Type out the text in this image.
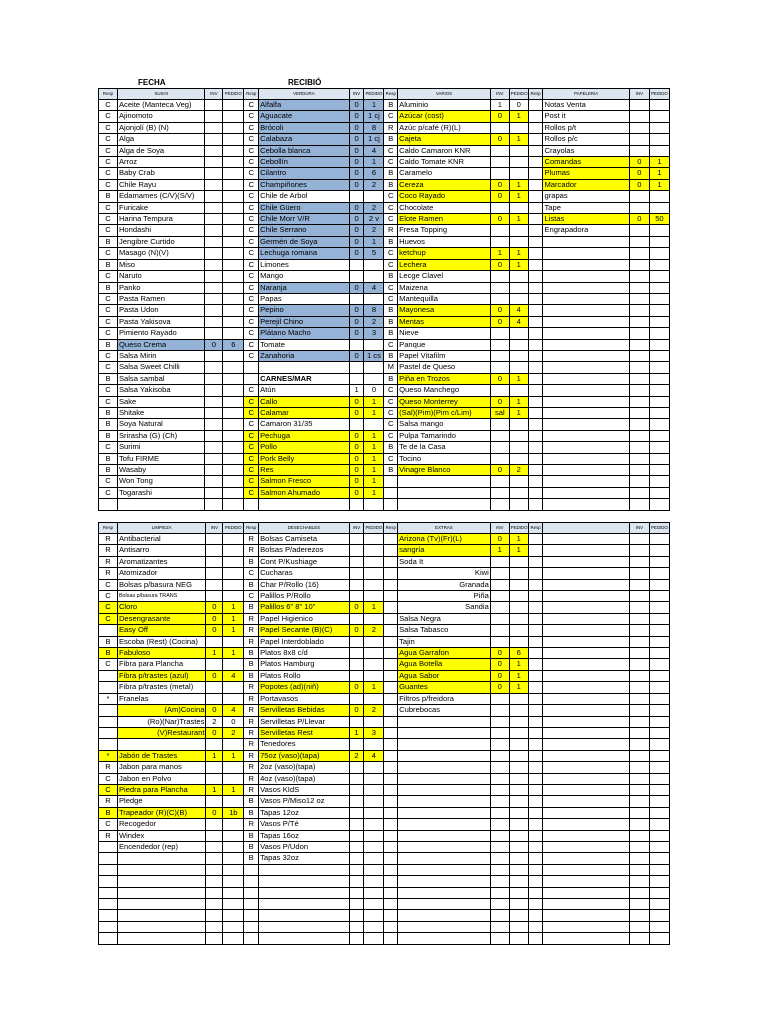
FECHA	RECIBIÓ
Resp	SUSHI	INV	PEDIDO	Resp	VERDURA	INV	PEDIDO	Resp	VARIOS	INV	PEDIDO	Resp	PAPELERIA	INV	PEDIDO
C	Aceite (Manteca Veg)			C	Alfalfa	0	1	B	Aluminio	1	0		Notas Venta		
C	Ajinomoto			C	Aguacate	0	1 cj	C	Azúcar (cost)	0	1		Post it		
C	Ajonjolí (B) (N)			C	Brócoli	0	8	R	Azúc p/café (R)(L)				Rollos p/t		
C	Alga			C	Calabaza	0	1 cj	B	Cajeta	0	1		Rollos p/c		
C	Alga de Soya			C	Cebolla blanca	0	4	C	Caldo Camaron KNR				Crayolas		
C	Arroz			C	Cebollín	0	1	C	Caldo Tomate KNR				Comandas	0	1
C	Baby Crab			C	Cilantro	0	6	B	Caramelo				Plumas	0	1
C	Chile Rayu			C	Champiñones	0	2	B	Cereza	0	1		Marcador	0	1
B	Edamames (C/V)(S/V)			C	Chile de Arbol			C	Coco Rayado	0	1		grapas		
C	Furicake			C	Chile Güero	0	2	C	Chocolate				Tape		
C	Harina Tempura			C	Chile Morr V/R	0	2 v	C	Elote Ramen	0	1		Listas	0	50
C	Hondashi			C	Chile Serrano	0	2	R	Fresa Topping				Engrapadora		
B	Jengibre Curtido			C	Germén de Soya	0	1	B	Huevos						
C	Masago (N)(V)			C	Lechuga romana	0	5	C	ketchup	1	1				
B	Miso			C	Limones			C	Lechera	0	1				
C	Naruto			C	Mango			B	Lecge Clavel						
B	Panko			C	Naranja	0	4	C	Maizena						
C	Pasta Ramen			C	Papas			C	Mantequilla						
C	Pasta Udon			C	Pepino	0	8	B	Mayonesa	0	4				
C	Pasta Yakisova			C	Perejil Chino	0	2	B	Mentas	0	4				
C	Pimiento Rayado			C	Plátano Macho	0	3	B	Nieve						
B	Queso Crema	0	6	C	Tomate			C	Panque						
C	Salsa Mirin			C	Zanahoria	0	1 cs	B	Papel Vitafilm						
C	Salsa Sweet Chilli							M	Pastel de Queso						
B	Salsa sambal				CARNES/MAR			B	Piña en Trozos	0	1				
C	Salsa Yakisoba			C	Atún	1	0	C	Queso Manchego						
C	Sake			C	Callo	0	1	C	Queso Monterrey	0	1				
B	Shitake			C	Calamar	0	1	C	(Sal)(Pim)(Pim c/Lim)	sal	1				
B	Soya Natural			C	Camaron 31/35			C	Salsa mango						
B	Srirasha (G) (Ch)			C	Pechuga	0	1	C	Pulpa Tamarindo						
C	Surimi			C	Pollo	0	1	B	Te de la Casa						
B	Tofu FIRME			C	Pork Belly	0	1	C	Tocino						
B	Wasaby			C	Res	0	1	B	Vinagre Blanco	0	2				
C	Won Tong			C	Salmon Fresco	0	1								
C	Togarashi			C	Salmon Ahumado	0	1								

Resp	LIMPIEZA	INV	PEDIDO	Resp	DESECHABLES	INV	PEDIDO	Resp	EXTRAS	INV	PEDIDO	Resp		INV	PEDIDO
R	Antibacterial			R	Bolsas Camiseta				Arizona (Tv)(Fr)(L)	0	1				
R	Antisarro			R	Bolsas P/aderezos				sangría	1	1				
R	Aromatizantes			B	Cont P/Kushiage				Soda It						
R	Atomizador			C	Cucharas				Kiwi						
C	Bolsas p/basura NEG			B	Char P/Rollo (16)				Granada						
C	Bolsas p/basura TRANS			C	Palillos P/Rollo				Piña						
C	Cloro	0	1	B	Palillos 6" 8" 10"	0	1		Sandia						
C	Desengrasante	0	1	R	Papel Higienico				Salsa Negra						
	Easy Off	0	1	R	Papel Secante (B)(C)	0	2		Salsa Tabasco						
B	Escoba (Rest) (Cocina)			R	Papel Interdoblado				Tajin						
B	Fabuloso	1	1	B	Platos 8x8 c/d				Agua Garrafon	0	6				
C	Fibra para Plancha			B	Platos Hamburg				Agua Botella	0	1				
	Fibra p/trastes (azul)	0	4	B	Platos Rollo				Agua Sabor	0	1				
	Fibra p/trastes (metal)			R	Popotes (ad)(niñ)	0	1		Guantes	0	1				
*	Franelas			R	Portavasos				Filtros p/freidora						
	(Am)Cocina	0	4	R	Servilletas Bebidas	0	2		Cubrebocas						
	(Ro)(Nar)Trastes	2	0	R	Servilletas P/Llevar										
	(V)Restaurant	0	2	R	Servilletas Rest	1	3								
				R	Tenedores										
*	Jabón de Trastes	1	1	R	75oz (vaso)(tapa)	2	4								
R	Jabon para manos			R	2oz (vaso)(tapa)										
C	Jabon en Polvo			R	4oz (vaso)(tapa)										
C	Piedra para Plancha	1	1	R	Vasos KIdS										
R	Pledge			B	Vasos P/Miso12 oz										
B	Trapeador (R)(C)(B)	0	1b	B	Tapas 12oz										
C	Recogedor			R	Vasos P/Té										
R	Windex			B	Tapas 16oz										
	Encendedor (rep)			B	Vasos P/Udon										
				B	Tapas 32oz										
